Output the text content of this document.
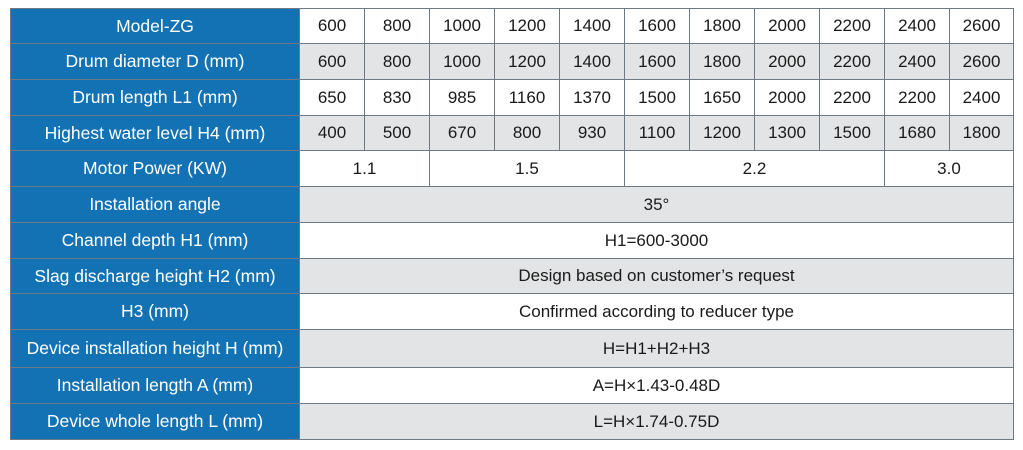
Model-ZG	600	800	1000	1200	1400	1600	1800	2000	2200	2400	2600
Drum diameter D (mm)	600	800	1000	1200	1400	1600	1800	2000	2200	2400	2600
Drum length L1 (mm)	650	830	985	1160	1370	1500	1650	2000	2200	2200	2400
Highest water level H4 (mm)	400	500	670	800	930	1100	1200	1300	1500	1680	1800
Motor Power (KW)	1.1		1.5			2.2				3.0	
Installation angle	35°										
Channel depth H1 (mm)	H1=600-3000										
Slag discharge height H2 (mm)	Design based on customer’s request										
H3 (mm)	Confirmed according to reducer type										
Device installation height H (mm)	H=H1+H2+H3										
Installation length A (mm)	A=H×1.43-0.48D										
Device whole length L (mm)	L=H×1.74-0.75D										
